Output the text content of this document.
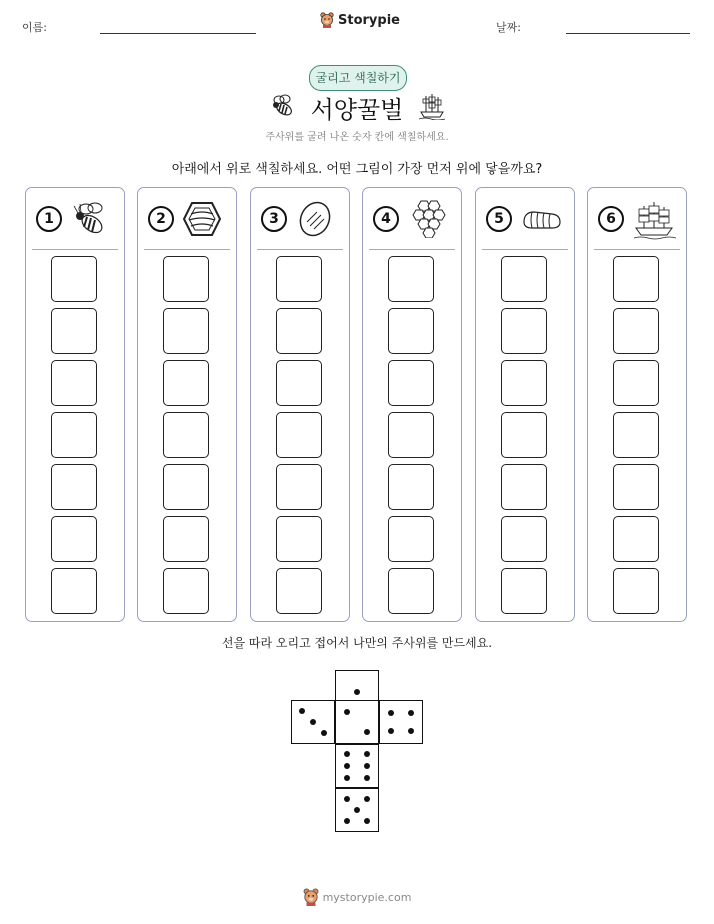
이름:	Storypie	날짜:
굴리고 색칠하기
서양꿀벌
주사위를 굴려 나온 숫자 칸에 색칠하세요.
아래에서 위로 색칠하세요. 어떤 그림이 가장 먼저 위에 닿을까요?
1	2	3	4	5	6
선을 따라 오리고 접어서 나만의 주사위를 만드세요.
mystorypie.com
